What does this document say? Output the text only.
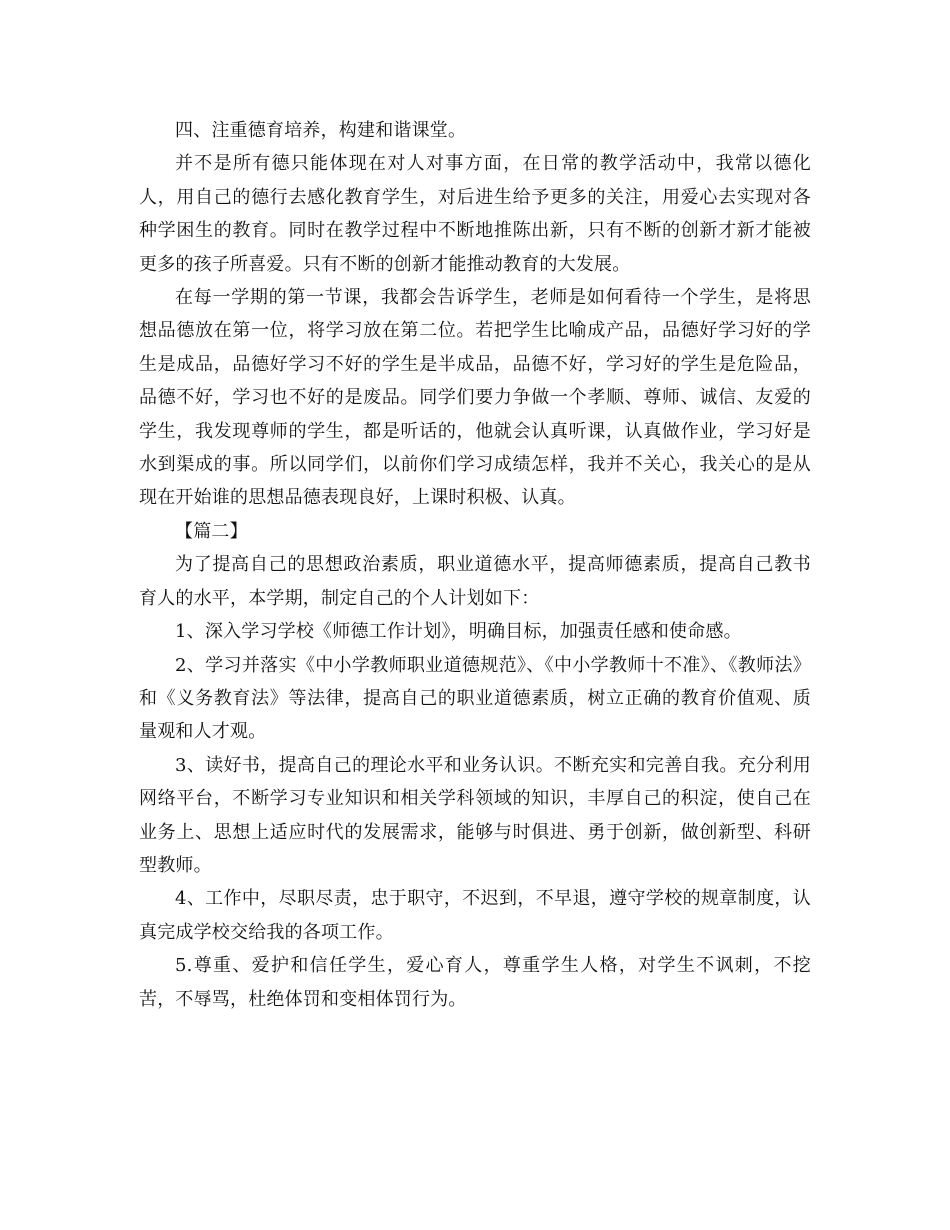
四、注重德育培养，构建和谐课堂。

并不是所有德只能体现在对人对事方面，在日常的教学活动中，我常以德化人，用自己的德行去感化教育学生，对后进生给予更多的关注，用爱心去实现对各种学困生的教育。同时在教学过程中不断地推陈出新，只有不断的创新才新才能被更多的孩子所喜爱。只有不断的创新才能推动教育的大发展。

在每一学期的第一节课，我都会告诉学生，老师是如何看待一个学生，是将思想品德放在第一位，将学习放在第二位。若把学生比喻成产品，品德好学习好的学生是成品，品德好学习不好的学生是半成品，品德不好，学习好的学生是危险品，品德不好，学习也不好的是废品。同学们要力争做一个孝顺、尊师、诚信、友爱的学生，我发现尊师的学生，都是听话的，他就会认真听课，认真做作业，学习好是水到渠成的事。所以同学们，以前你们学习成绩怎样，我并不关心，我关心的是从现在开始谁的思想品德表现良好，上课时积极、认真。

【篇二】

为了提高自己的思想政治素质，职业道德水平，提高师德素质，提高自己教书育人的水平，本学期，制定自己的个人计划如下：

1、深入学习学校《师德工作计划》，明确目标，加强责任感和使命感。

2、学习并落实《中小学教师职业道德规范》、《中小学教师十不准》、《教师法》和《义务教育法》等法律，提高自己的职业道德素质，树立正确的教育价值观、质量观和人才观。

3、读好书，提高自己的理论水平和业务认识。不断充实和完善自我。充分利用网络平台，不断学习专业知识和相关学科领域的知识，丰厚自己的积淀，使自己在业务上、思想上适应时代的发展需求，能够与时俱进、勇于创新，做创新型、科研型教师。

4、工作中，尽职尽责，忠于职守，不迟到，不早退，遵守学校的规章制度，认真完成学校交给我的各项工作。

5.尊重、爱护和信任学生，爱心育人，尊重学生人格，对学生不讽刺，不挖苦，不辱骂，杜绝体罚和变相体罚行为。
